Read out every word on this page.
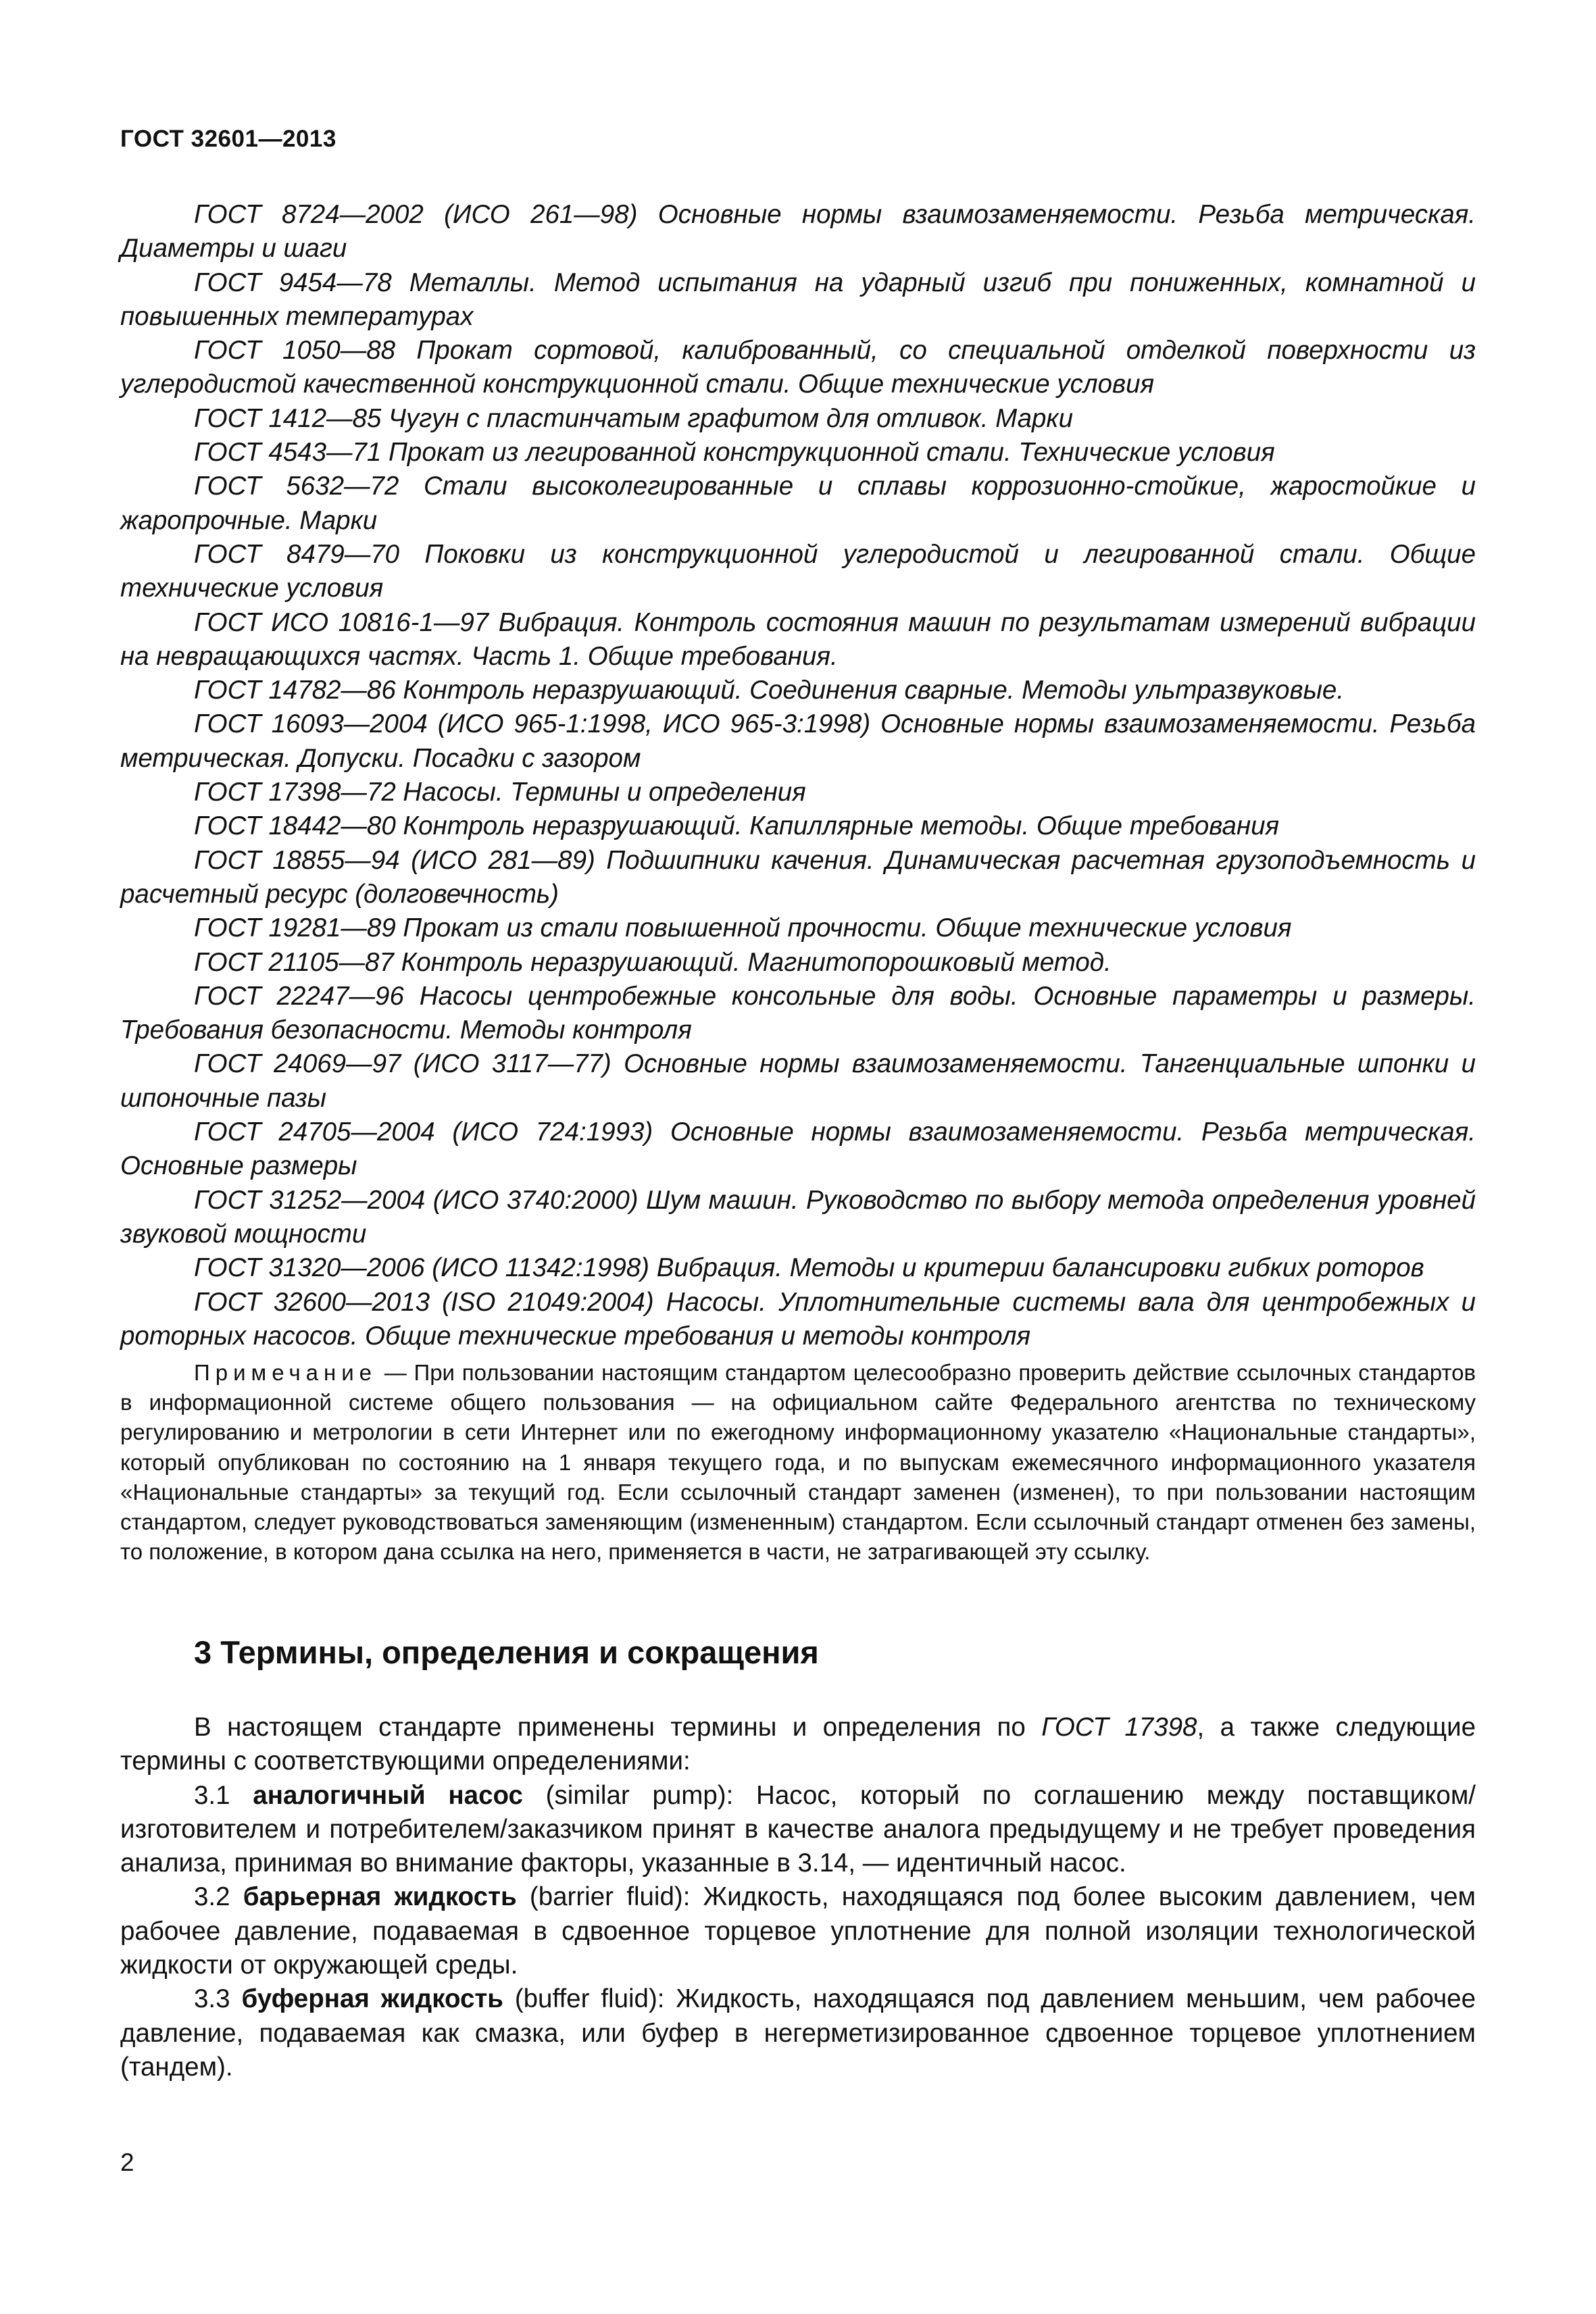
ГОСТ 32601—2013

ГОСТ 8724—2002 (ИСО 261—98) Основные нормы взаимозаменяемости. Резьба метрическая. Диаметры и шаги

ГОСТ 9454—78 Металлы. Метод испытания на ударный изгиб при пониженных, комнатной и повышенных температурах

ГОСТ 1050—88 Прокат сортовой, калиброванный, со специальной отделкой поверхности из углеродистой качественной конструкционной стали. Общие технические условия

ГОСТ 1412—85 Чугун с пластинчатым графитом для отливок. Марки

ГОСТ 4543—71 Прокат из легированной конструкционной стали. Технические условия

ГОСТ 5632—72 Стали высоколегированные и сплавы коррозионно-стойкие, жаростойкие и жаропрочные. Марки

ГОСТ 8479—70 Поковки из конструкционной углеродистой и легированной стали. Общие технические условия

ГОСТ ИСО 10816-1—97 Вибрация. Контроль состояния машин по результатам измерений вибрации на невращающихся частях. Часть 1. Общие требования.

ГОСТ 14782—86 Контроль неразрушающий. Соединения сварные. Методы ультразвуковые.

ГОСТ 16093—2004 (ИСО 965-1:1998, ИСО 965-3:1998) Основные нормы взаимозаменяемости. Резьба метрическая. Допуски. Посадки с зазором

ГОСТ 17398—72 Насосы. Термины и определения

ГОСТ 18442—80 Контроль неразрушающий. Капиллярные методы. Общие требования

ГОСТ 18855—94 (ИСО 281—89) Подшипники качения. Динамическая расчетная грузоподъемность и расчетный ресурс (долговечность)

ГОСТ 19281—89 Прокат из стали повышенной прочности. Общие технические условия

ГОСТ 21105—87 Контроль неразрушающий. Магнитопорошковый метод.

ГОСТ 22247—96 Насосы центробежные консольные для воды. Основные параметры и размеры. Требования безопасности. Методы контроля

ГОСТ 24069—97 (ИСО 3117—77) Основные нормы взаимозаменяемости. Тангенциальные шпонки и шпоночные пазы

ГОСТ 24705—2004 (ИСО 724:1993) Основные нормы взаимозаменяемости. Резьба метрическая. Основные размеры

ГОСТ 31252—2004 (ИСО 3740:2000) Шум машин. Руководство по выбору метода определения уровней звуковой мощности

ГОСТ 31320—2006 (ИСО 11342:1998) Вибрация. Методы и критерии балансировки гибких роторов

ГОСТ 32600—2013 (ISO 21049:2004) Насосы. Уплотнительные системы вала для центробежных и роторных насосов. Общие технические требования и методы контроля

Примечание — При пользовании настоящим стандартом целесообразно проверить действие ссылочных стандартов в информационной системе общего пользования — на официальном сайте Федерального агентства по техническому регулированию и метрологии в сети Интернет или по ежегодному информационному указателю «Национальные стандарты», который опубликован по состоянию на 1 января текущего года, и по выпускам ежемесячного информационного указателя «Национальные стандарты» за текущий год. Если ссылочный стандарт заменен (изменен), то при пользовании настоящим стандартом, следует руководствоваться заменяющим (измененным) стандартом. Если ссылочный стандарт отменен без замены, то положение, в котором дана ссылка на него, применяется в части, не затрагивающей эту ссылку.

3 Термины, определения и сокращения

В настоящем стандарте применены термины и определения по ГОСТ 17398, а также следующие термины с соответствующими определениями:

3.1 аналогичный насос (similar pump): Насос, который по соглашению между поставщиком/изготовителем и потребителем/заказчиком принят в качестве аналога предыдущему и не требует проведения анализа, принимая во внимание факторы, указанные в 3.14, — идентичный насос.

3.2 барьерная жидкость (barrier fluid): Жидкость, находящаяся под более высоким давлением, чем рабочее давление, подаваемая в сдвоенное торцевое уплотнение для полной изоляции технологической жидкости от окружающей среды.

3.3 буферная жидкость (buffer fluid): Жидкость, находящаяся под давлением меньшим, чем рабочее давление, подаваемая как смазка, или буфер в негерметизированное сдвоенное торцевое уплотнением (тандем).

2
